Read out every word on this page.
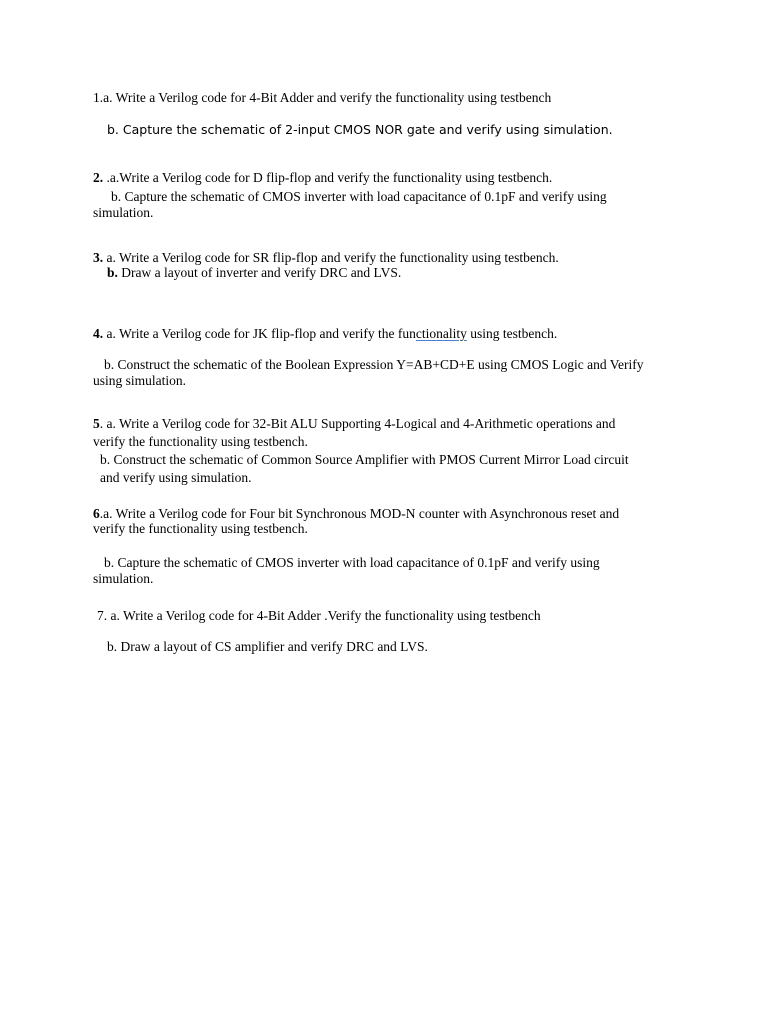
1.a. Write a Verilog code for 4-Bit Adder and verify the functionality using testbench
b. Capture the schematic of 2-input CMOS NOR gate and verify using simulation.
2. .a.Write a Verilog code for D flip-flop and verify the functionality using testbench.
b. Capture the schematic of CMOS inverter with load capacitance of 0.1pF and verify using
simulation.
3. a. Write a Verilog code for SR flip-flop and verify the functionality using testbench.
b. Draw a layout of inverter and verify DRC and LVS.
4. a. Write a Verilog code for JK flip-flop and verify the functionality using testbench.
b. Construct the schematic of the Boolean Expression Y=AB+CD+E using CMOS Logic and Verify
using simulation.
5. a. Write a Verilog code for 32-Bit ALU Supporting 4-Logical and 4-Arithmetic operations and
verify the functionality using testbench.
b. Construct the schematic of Common Source Amplifier with PMOS Current Mirror Load circuit
and verify using simulation.
6.a. Write a Verilog code for Four bit Synchronous MOD-N counter with Asynchronous reset and
verify the functionality using testbench.
b. Capture the schematic of CMOS inverter with load capacitance of 0.1pF and verify using
simulation.
7. a. Write a Verilog code for 4-Bit Adder .Verify the functionality using testbench
b. Draw a layout of CS amplifier and verify DRC and LVS.
